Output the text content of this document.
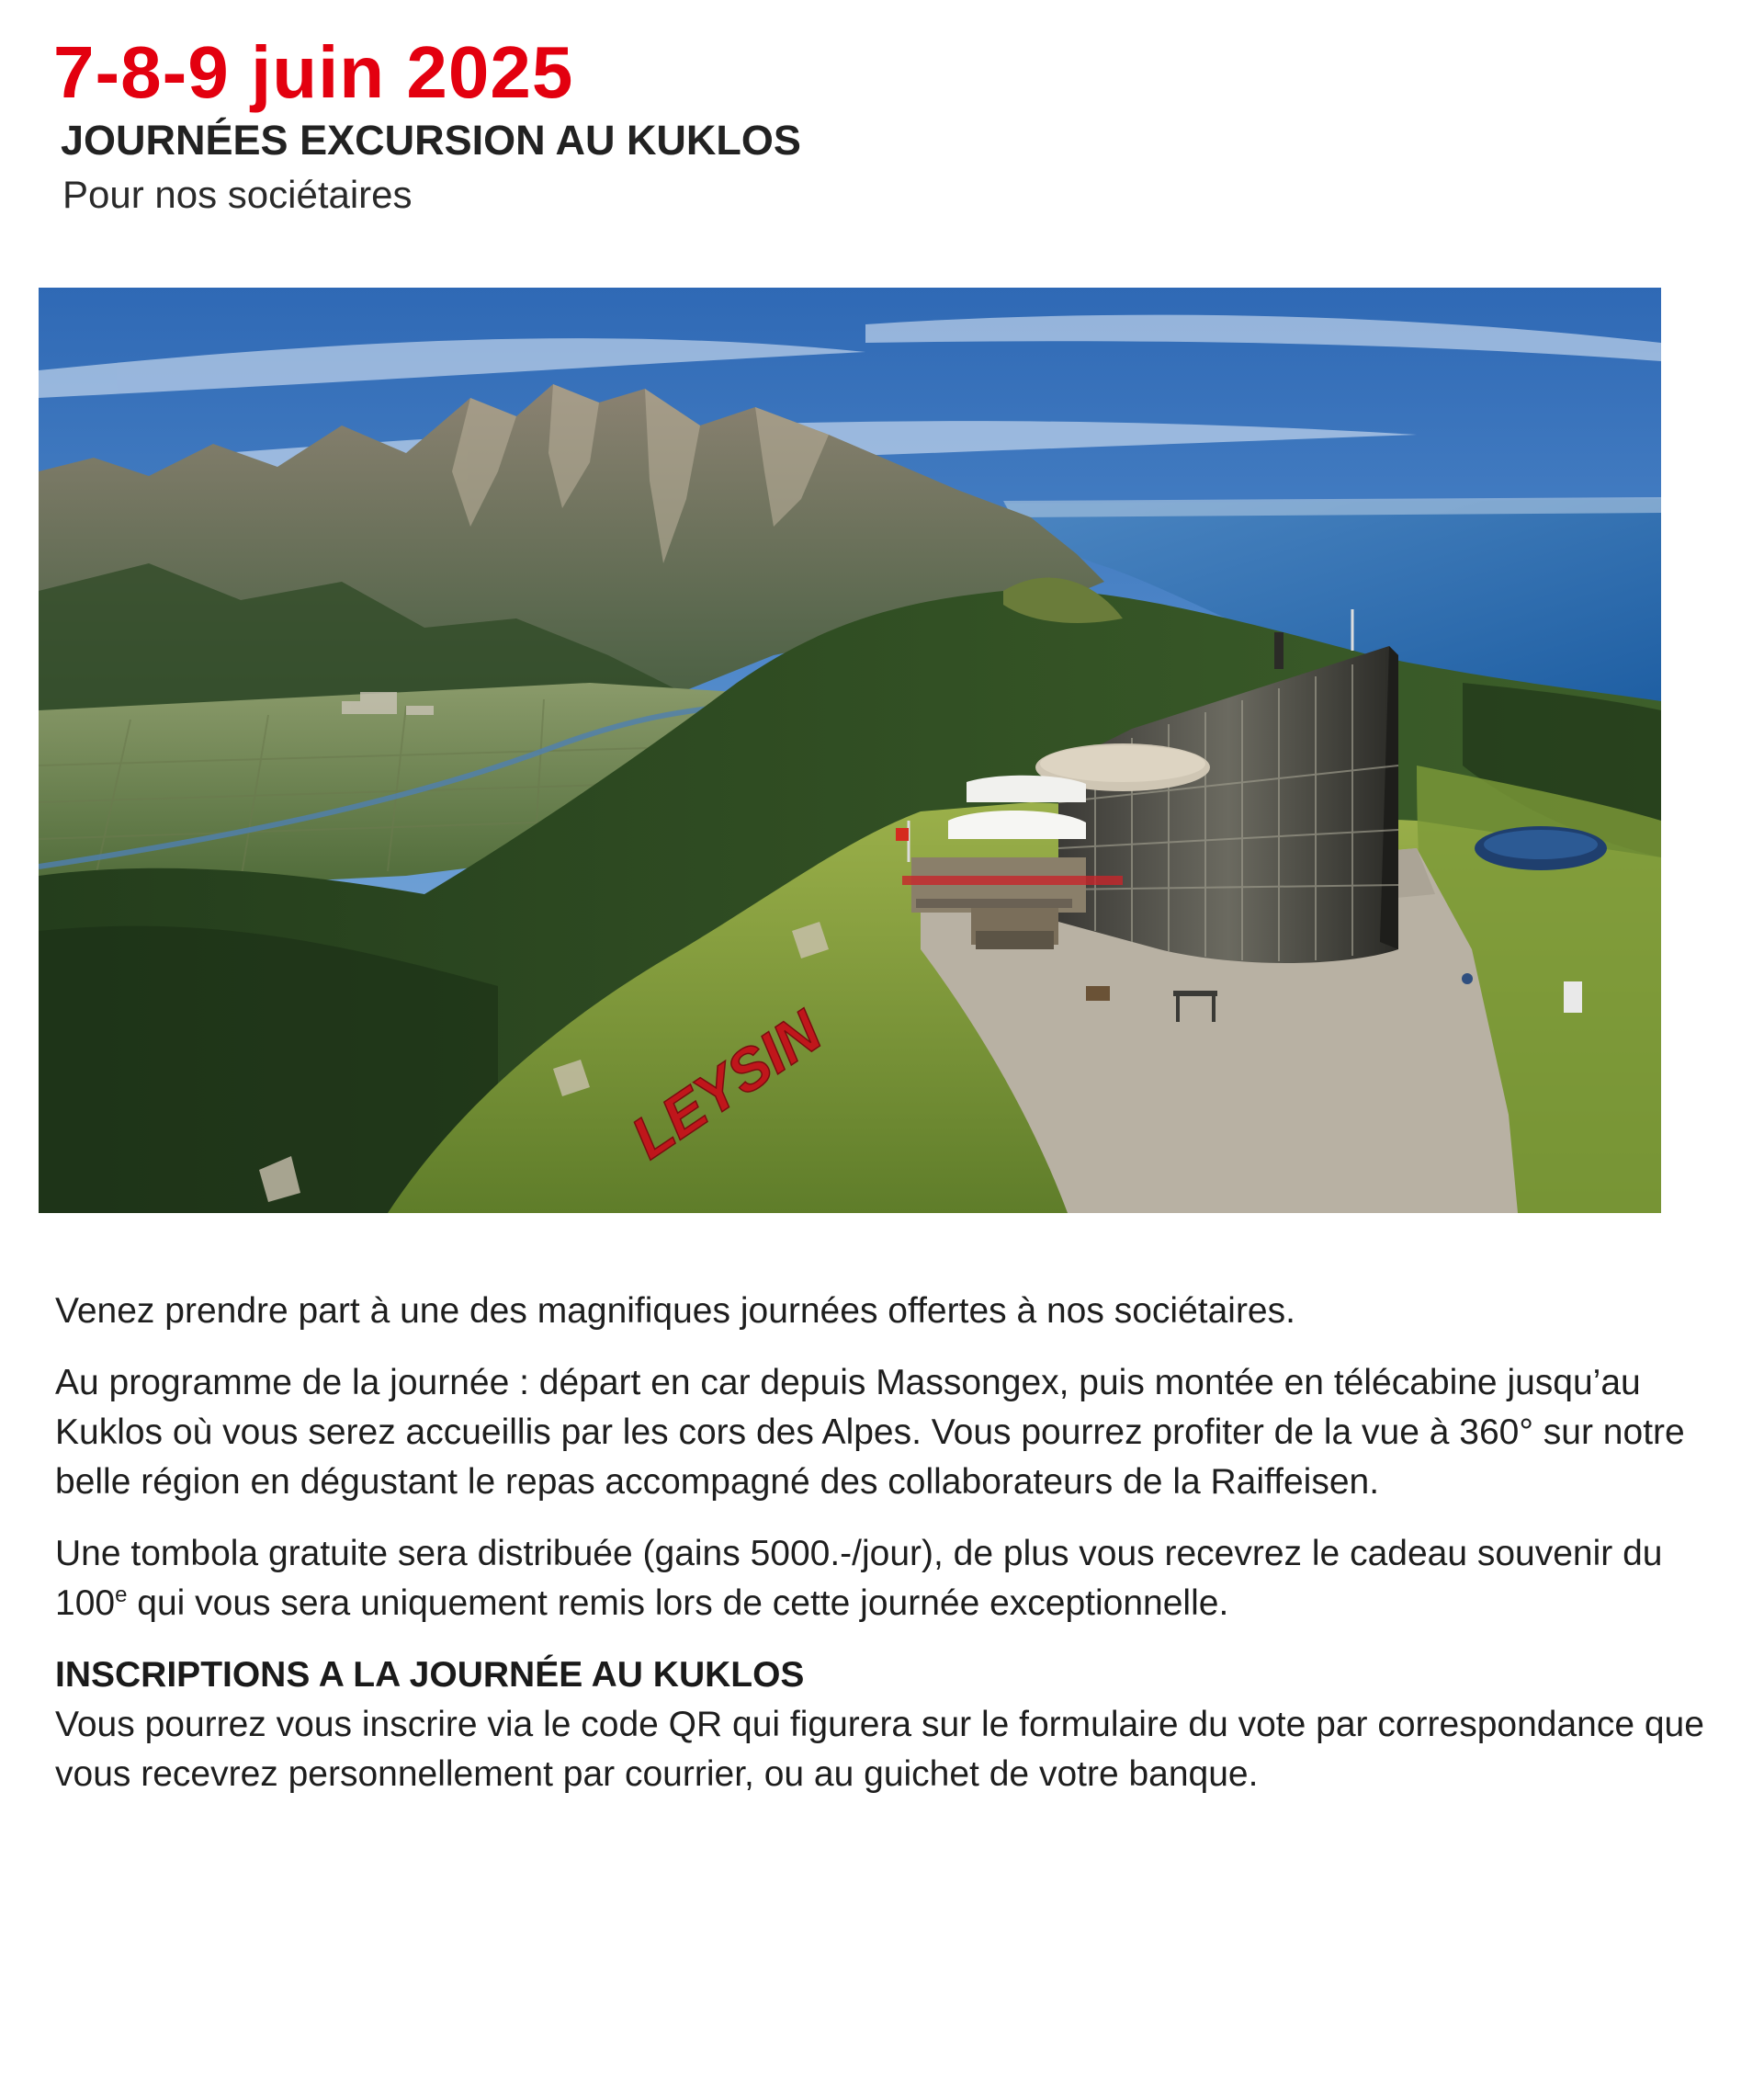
7-8-9 juin 2025
JOURNÉES EXCURSION AU KUKLOS

Pour nos sociétaires

LEYSIN

Venez prendre part à une des magnifiques journées offertes à nos sociétaires.

Au programme de la journée : départ en car depuis Massongex, puis montée en télécabine jusqu’au Kuklos où vous serez accueillis par les cors des Alpes. Vous pourrez profiter de la vue à 360° sur notre belle région en dégustant le repas accompagné des collaborateurs de la Raiffeisen.

Une tombola gratuite sera distribuée (gains 5000.-/jour), de plus vous recevrez le cadeau souvenir du 100e qui vous sera uniquement remis lors de cette journée exceptionnelle.

INSCRIPTIONS A LA JOURNÉE AU KUKLOS

Vous pourrez vous inscrire via le code QR qui figurera sur le formulaire du vote par correspondance que vous recevrez personnellement par courrier, ou au guichet de votre banque.
